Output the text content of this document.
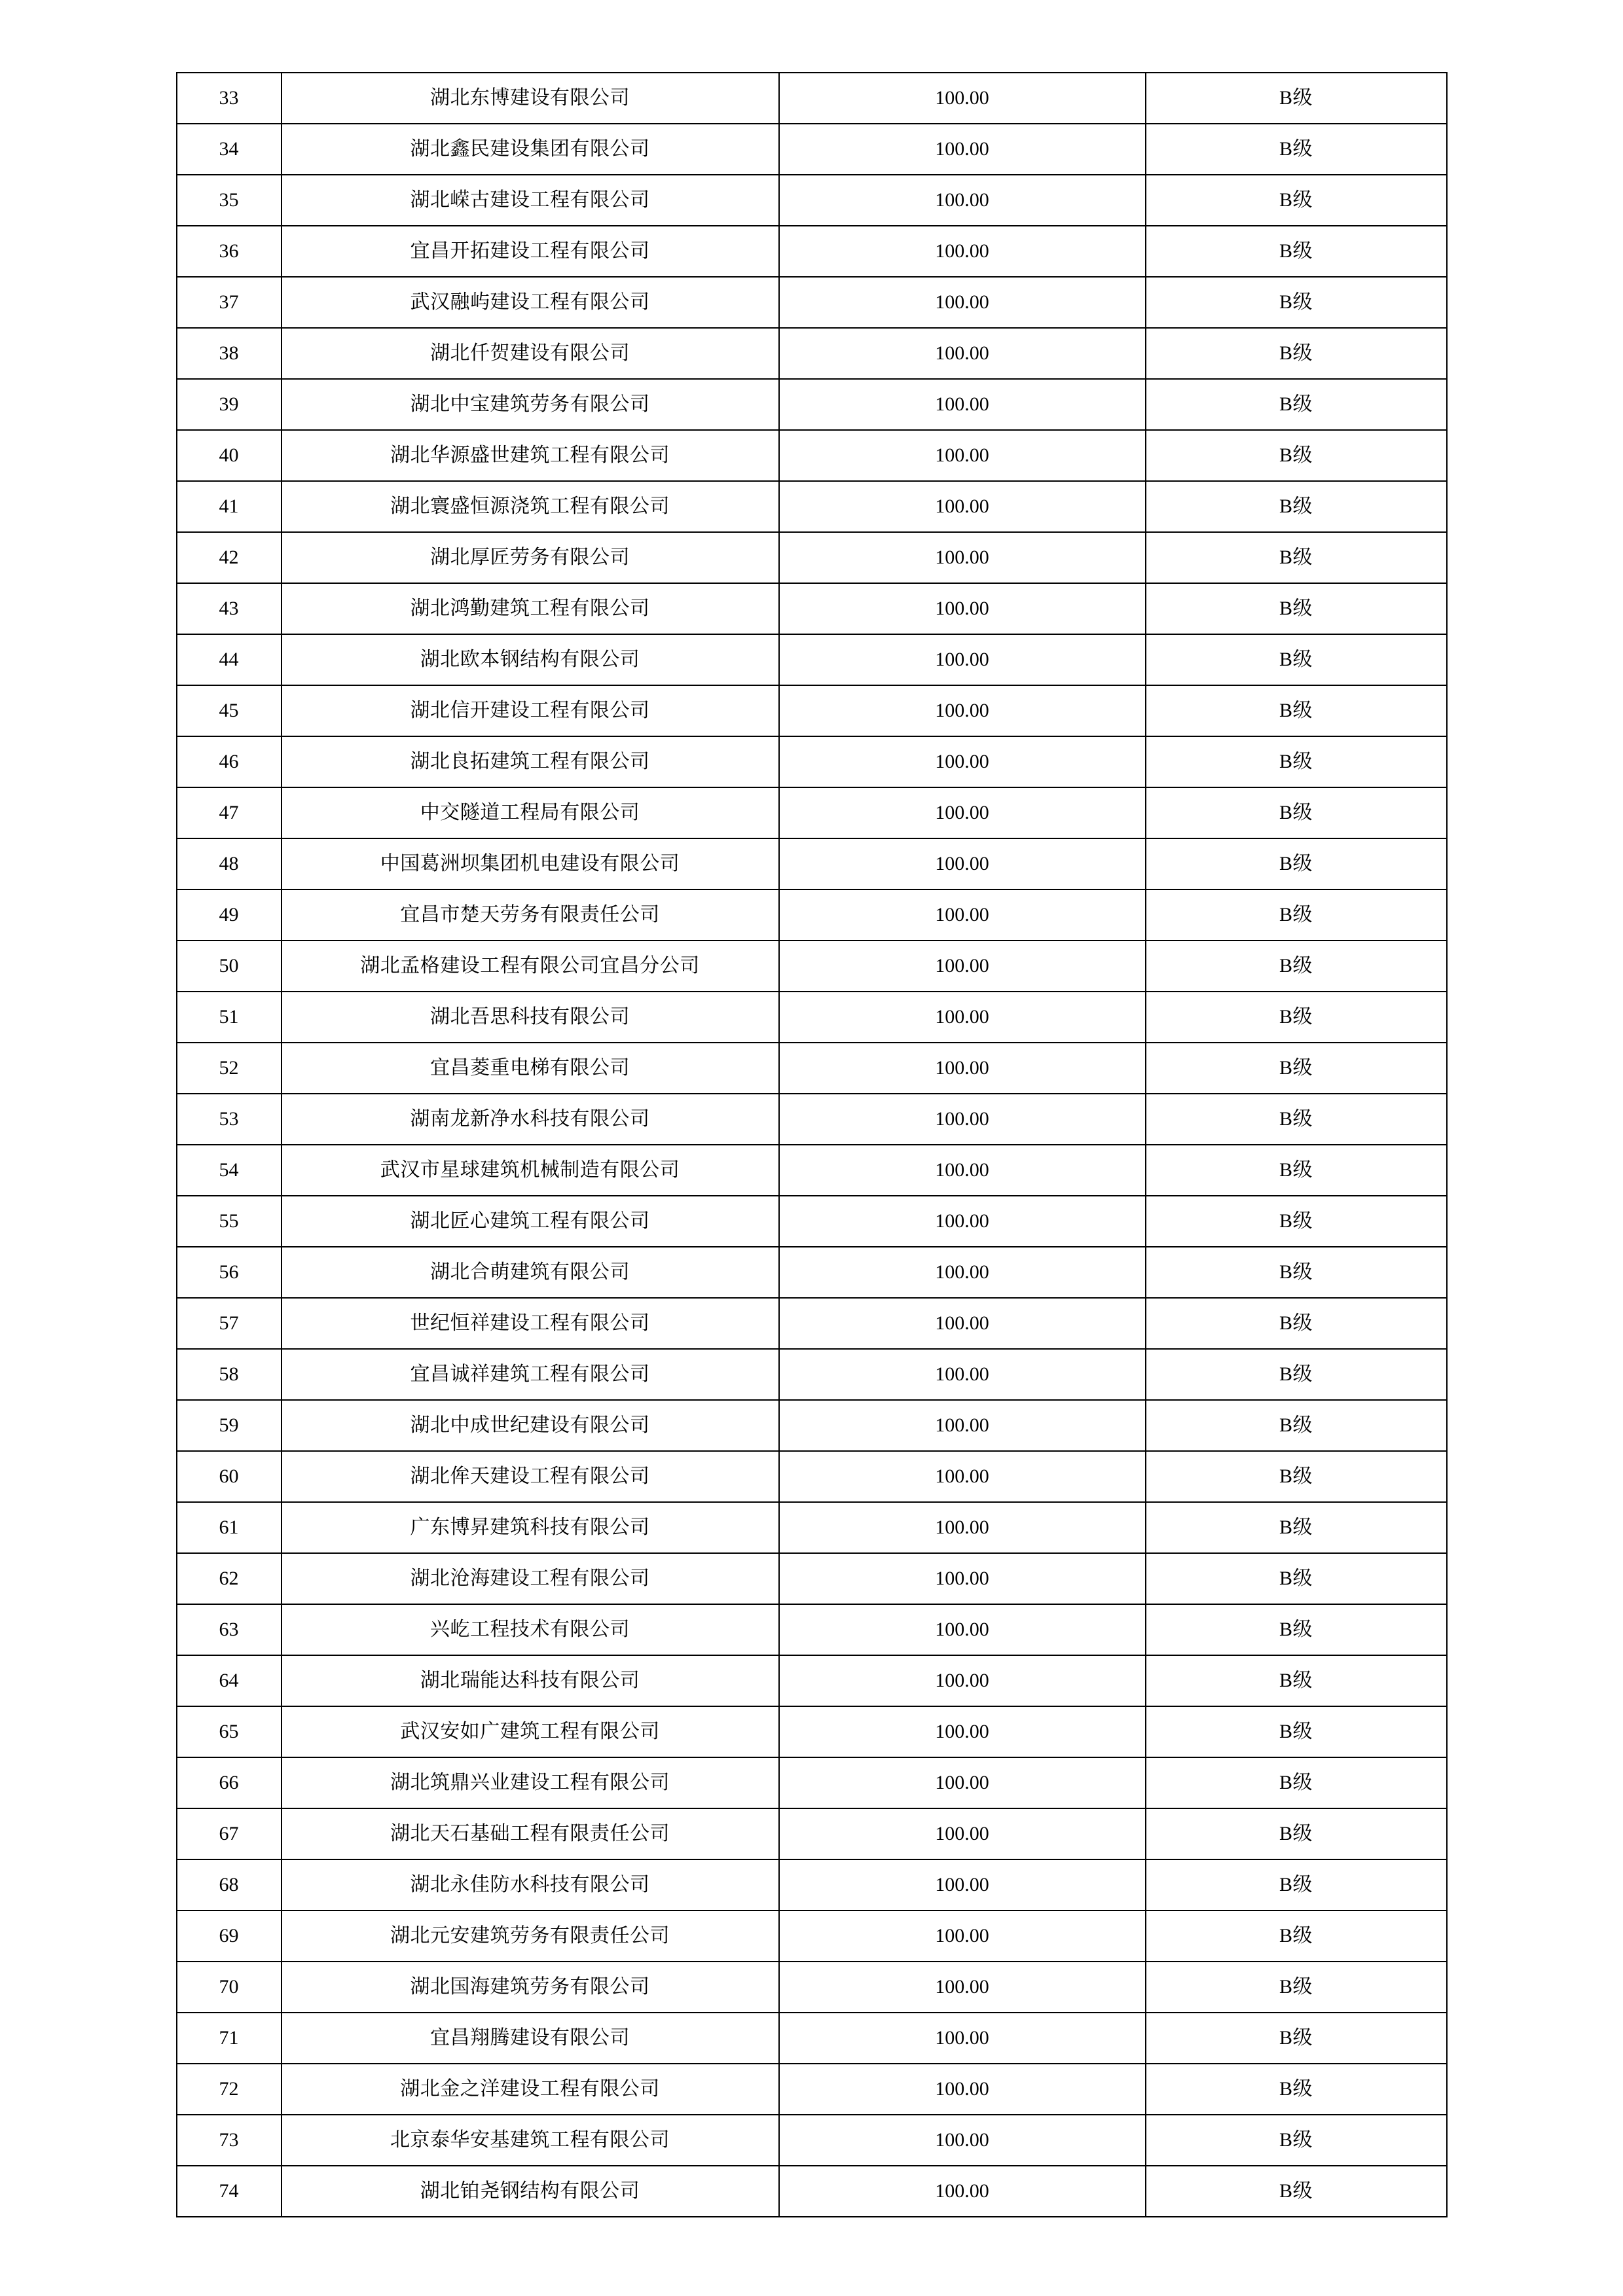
33	湖北东博建设有限公司	100.00	B级
34	湖北鑫民建设集团有限公司	100.00	B级
35	湖北嵘古建设工程有限公司	100.00	B级
36	宜昌开拓建设工程有限公司	100.00	B级
37	武汉融屿建设工程有限公司	100.00	B级
38	湖北仟贺建设有限公司	100.00	B级
39	湖北中宝建筑劳务有限公司	100.00	B级
40	湖北华源盛世建筑工程有限公司	100.00	B级
41	湖北寰盛恒源浇筑工程有限公司	100.00	B级
42	湖北厚匠劳务有限公司	100.00	B级
43	湖北鸿勤建筑工程有限公司	100.00	B级
44	湖北欧本钢结构有限公司	100.00	B级
45	湖北信开建设工程有限公司	100.00	B级
46	湖北良拓建筑工程有限公司	100.00	B级
47	中交隧道工程局有限公司	100.00	B级
48	中国葛洲坝集团机电建设有限公司	100.00	B级
49	宜昌市楚天劳务有限责任公司	100.00	B级
50	湖北孟格建设工程有限公司宜昌分公司	100.00	B级
51	湖北吾思科技有限公司	100.00	B级
52	宜昌菱重电梯有限公司	100.00	B级
53	湖南龙新净水科技有限公司	100.00	B级
54	武汉市星球建筑机械制造有限公司	100.00	B级
55	湖北匠心建筑工程有限公司	100.00	B级
56	湖北合萌建筑有限公司	100.00	B级
57	世纪恒祥建设工程有限公司	100.00	B级
58	宜昌诚祥建筑工程有限公司	100.00	B级
59	湖北中成世纪建设有限公司	100.00	B级
60	湖北侔天建设工程有限公司	100.00	B级
61	广东博昇建筑科技有限公司	100.00	B级
62	湖北沧海建设工程有限公司	100.00	B级
63	兴屹工程技术有限公司	100.00	B级
64	湖北瑞能达科技有限公司	100.00	B级
65	武汉安如广建筑工程有限公司	100.00	B级
66	湖北筑鼎兴业建设工程有限公司	100.00	B级
67	湖北天石基础工程有限责任公司	100.00	B级
68	湖北永佳防水科技有限公司	100.00	B级
69	湖北元安建筑劳务有限责任公司	100.00	B级
70	湖北国海建筑劳务有限公司	100.00	B级
71	宜昌翔腾建设有限公司	100.00	B级
72	湖北金之洋建设工程有限公司	100.00	B级
73	北京泰华安基建筑工程有限公司	100.00	B级
74	湖北铂尧钢结构有限公司	100.00	B级
